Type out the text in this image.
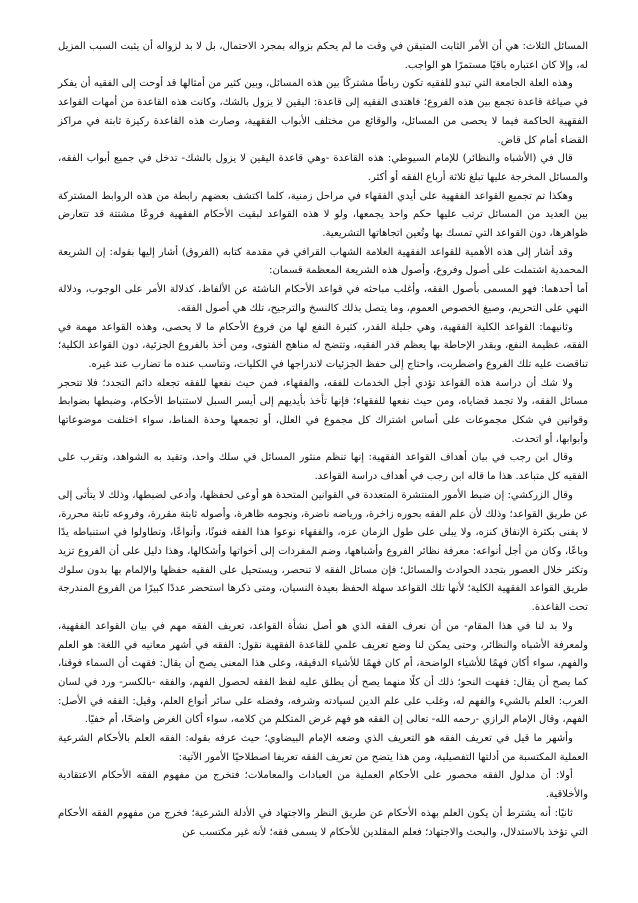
المسائل الثلاث: هي أن الأمر الثابت المتيقن في وقت ما لم يحكم بزواله بمجرد الاحتمال، بل لا بد لزواله أن يثبت السبب المزيل له، وإلا كان اعتباره باقيًا مستمرًا هو الواجب.

وهذه العلة الجامعة التي تبدو للفقيه تكون رباطًا مشتركًا بين هذه المسائل، وبين كثير من أمثالها قد أوحت إلى الفقيه أن يفكر في صياغة قاعدة تجمع بين هذه الفروع؛ فاهتدى الفقيه إلى قاعدة: اليقين لا يزول بالشك، وكانت هذه القاعدة من أمهات القواعد الفقهية الحاكمة فيما لا يحصى من المسائل، والوقائع من مختلف الأبواب الفقهية، وصارت هذه القاعدة ركيزة ثابتة في مراكز القضاء أمام كل قاض.

قال في (الأشباه والنظائر) للإمام السيوطي: هذه القاعدة -وهي قاعدة اليقين لا يزول بالشك- تدخل في جميع أبواب الفقه، والمسائل المخرجة عليها تبلغ ثلاثة أرباع الفقه أو أكثر.

وهكذا تم تجميع القواعد الفقهية على أيدي الفقهاء في مراحل زمنية، كلما اكتشف بعضهم رابطة من هذه الروابط المشتركة بين العديد من المسائل ترتب عليها حكم واحد يجمعها، ولو لا هذه القواعد لبقيت الأحكام الفقهية فروعًا مشتتة قد تتعارض ظواهرها، دون القواعد التي تمسك بها وتُعين اتجاهاتها التشريعية.

وقد أشار إلى هذه الأهمية للقواعد الفقهية العلامة الشهاب القرافي في مقدمة كتابه (الفروق) أشار إليها بقوله: إن الشريعة المحمدية اشتملت على أصول وفروع، وأصول هذه الشريعة المعظمة قسمان:

أما أحدهما: فهو المسمى بأصول الفقه، وأغلب مباحثه في قواعد الأحكام الناشئة عن الألفاظ، كدلالة الأمر على الوجوب، ودلالة النهي على التحريم، وصيغ الخصوص العموم، وما يتصل بذلك كالنسخ والترجيح، تلك هي أصول الفقه.

وثانيهما: القواعد الكلية الفقهية، وهي جليلة القدر، كثيرة النفع لها من فروع الأحكام ما لا يحصى، وهذه القواعد مهمة في الفقه، عظيمة النفع، وبقدر الإحاطة بها يعظم قدر الفقيه، وتتضح له مناهج الفتوى، ومن أخذ بالفروع الجزئية، دون القواعد الكلية؛ تناقضت عليه تلك الفروع واضطربت، واحتاج إلى حفظ الجزئيات لاندراجها في الكليات، وتناسب عنده ما تضارب عند غيره.

ولا شك أن دراسة هذه القواعد تؤدي أجل الخدمات للفقه، والفقهاء، فمن حيث نفعها للفقه تجعله دائم التجدد؛ فلا تتحجر مسائل الفقه، ولا تجمد قضاياه، ومن حيث نفعها للفقهاء؛ فإنها تأخذ بأيديهم إلى أيسر السبل لاستنباط الأحكام، وضبطها بضوابط وقوانين في شكل مجموعات على أساس اشتراك كل مجموع في العلل، أو تجمعها وحدة المناط، سواء اختلفت موضوعاتها وأبوابها، أو اتحدت.

وقال ابن رجب في بيان أهداف القواعد الفقهية: إنها تنظم منثور المسائل في سلك واحد، وتقيد به الشواهد، وتقرب على الفقيه كل متباعد. هذا ما قاله ابن رجب في أهداف دراسة القواعد.

وقال الزركشي: إن ضبط الأمور المنتشرة المتعددة في القوانين المتحدة هو أوعى لحفظها، وأدعى لضبطها، وذلك لا يتأتى إلى عن طريق القواعد؛ وذلك لأن علم الفقه بحوره زاخرة، ورياضه ناضرة، ونجومه ظاهرة، وأصوله ثابتة مقررة، وفروعه ثابتة محررة، لا يفنى بكثرة الإنفاق كنزه، ولا يبلى على طول الزمان عزه، والفقهاء نوعوا هذا الفقه فنونًا، وأنواعًا، وتطاولوا في استنباطه يدًا وباعًا، وكان من أجل أنواعه: معرفة نظائر الفروع وأشباهها، وضم المفردات إلى أخواتها وأشكالها، وهذا دليل على أن الفروع تزيد وتكثر خلال العصور بتجدد الحوادث والمسائل؛ فإن مسائل الفقه لا تنحصر، ويستحيل على الفقيه حفظها والإلمام بها بدون سلوك طريق القواعد الفقهية الكلية؛ لأنها تلك القواعد سهلة الحفظ بعيدة النسيان، ومتى ذكرها استحضر عددًا كبيرًا من الفروع المندرجة تحت القاعدة.

ولا بد لنا في هذا المقام- من أن نعرف الفقه الذي هو أصل نشأة القواعد، تعريف الفقه مهم في بيان القواعد الفقهية، ولمعرفة الأشباه والنظائر، وحتى يمكن لنا وضع تعريف علمي للقاعدة الفقهية نقول: الفقه في أشهر معانيه في اللغة: هو العلم والفهم، سواء أكان فهمًا للأشياء الواضحة، أم كان فهمًا للأشياء الدقيقة، وعلى هذا المعنى يصح أن يقال: فقهت أن السماء فوقنا، كما يصح أن يقال: فقهت النحو؛ ذلك أن كلًا منهما يصح أن يطلق عليه لفظ الفقه لحصول الفهم، والفقه -بالكسر- ورد في لسان العرب: العلم بالشيء والفهم له، وغلب على علم الدين لسيادته وشرفه، وفضله على سائر أنواع العلم، وقيل: الفقه في الأصل: الفهم، وقال الإمام الرازي -رحمه الله- تعالى إن الفقه هو فهم غرض المتكلم من كلامه، سواء أكان الغرض واضحًا، أم خفيًا.

وأشهر ما قيل في تعريف الفقه هو التعريف الذي وضعه الإمام البيضاوي؛ حيث عرفه بقوله: الفقه العلم بالأحكام الشرعية العملية المكتسبة من أدلتها التفصيلية، ومن هذا يتضح من تعريف الفقه تعريفا اصطلاحيًا الأمور الآتية:

أولا: أن مدلول الفقه محصور على الأحكام العملية من العبادات والمعاملات؛ فتخرج من مفهوم الفقه الأحكام الاعتقادية والأخلاقية.

ثانيًا: أنه يشترط أن يكون العلم بهذه الأحكام عن طريق النظر والاجتهاد في الأدلة الشرعية؛ فخرج من مفهوم الفقه الأحكام التي تؤخذ بالاستدلال، والبحث والاجتهاد؛ فعلم المقلدين للأحكام لا يسمى فقه؛ لأنه غير مكتسب عن
